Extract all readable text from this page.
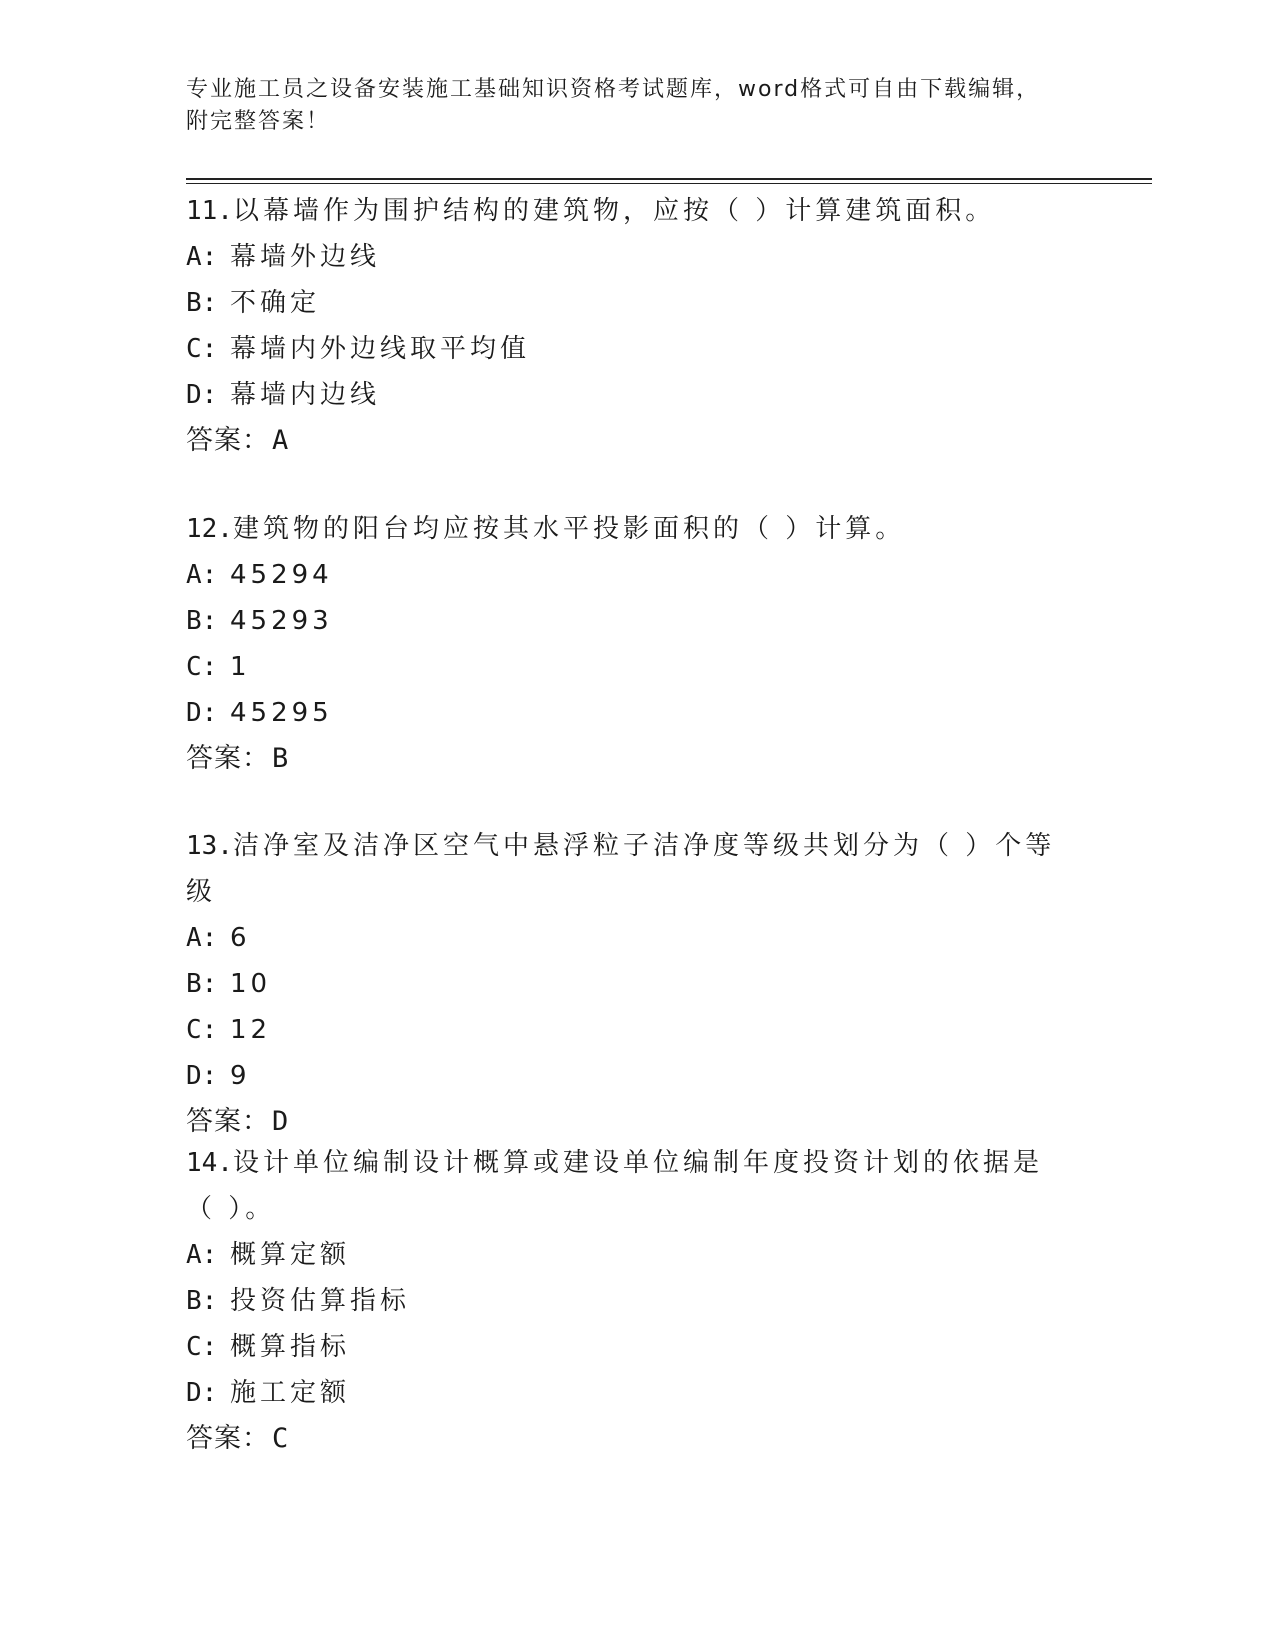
专业施工员之设备安装施工基础知识资格考试题库，word格式可自由下载编辑，
附完整答案！

11.以幕墙作为围护结构的建筑物，应按（ ）计算建筑面积。

A: 幕墙外边线

B: 不确定

C: 幕墙内外边线取平均值

D: 幕墙内边线

答案：A

12.建筑物的阳台均应按其水平投影面积的（ ）计算。

A: 45294

B: 45293

C: 1

D: 45295

答案：B

13.洁净室及洁净区空气中悬浮粒子洁净度等级共划分为（ ）个等级

A: 6

B: 10

C: 12

D: 9

答案：D

14.设计单位编制设计概算或建设单位编制年度投资计划的依据是（ ）。

A: 概算定额

B: 投资估算指标

C: 概算指标

D: 施工定额

答案：C
